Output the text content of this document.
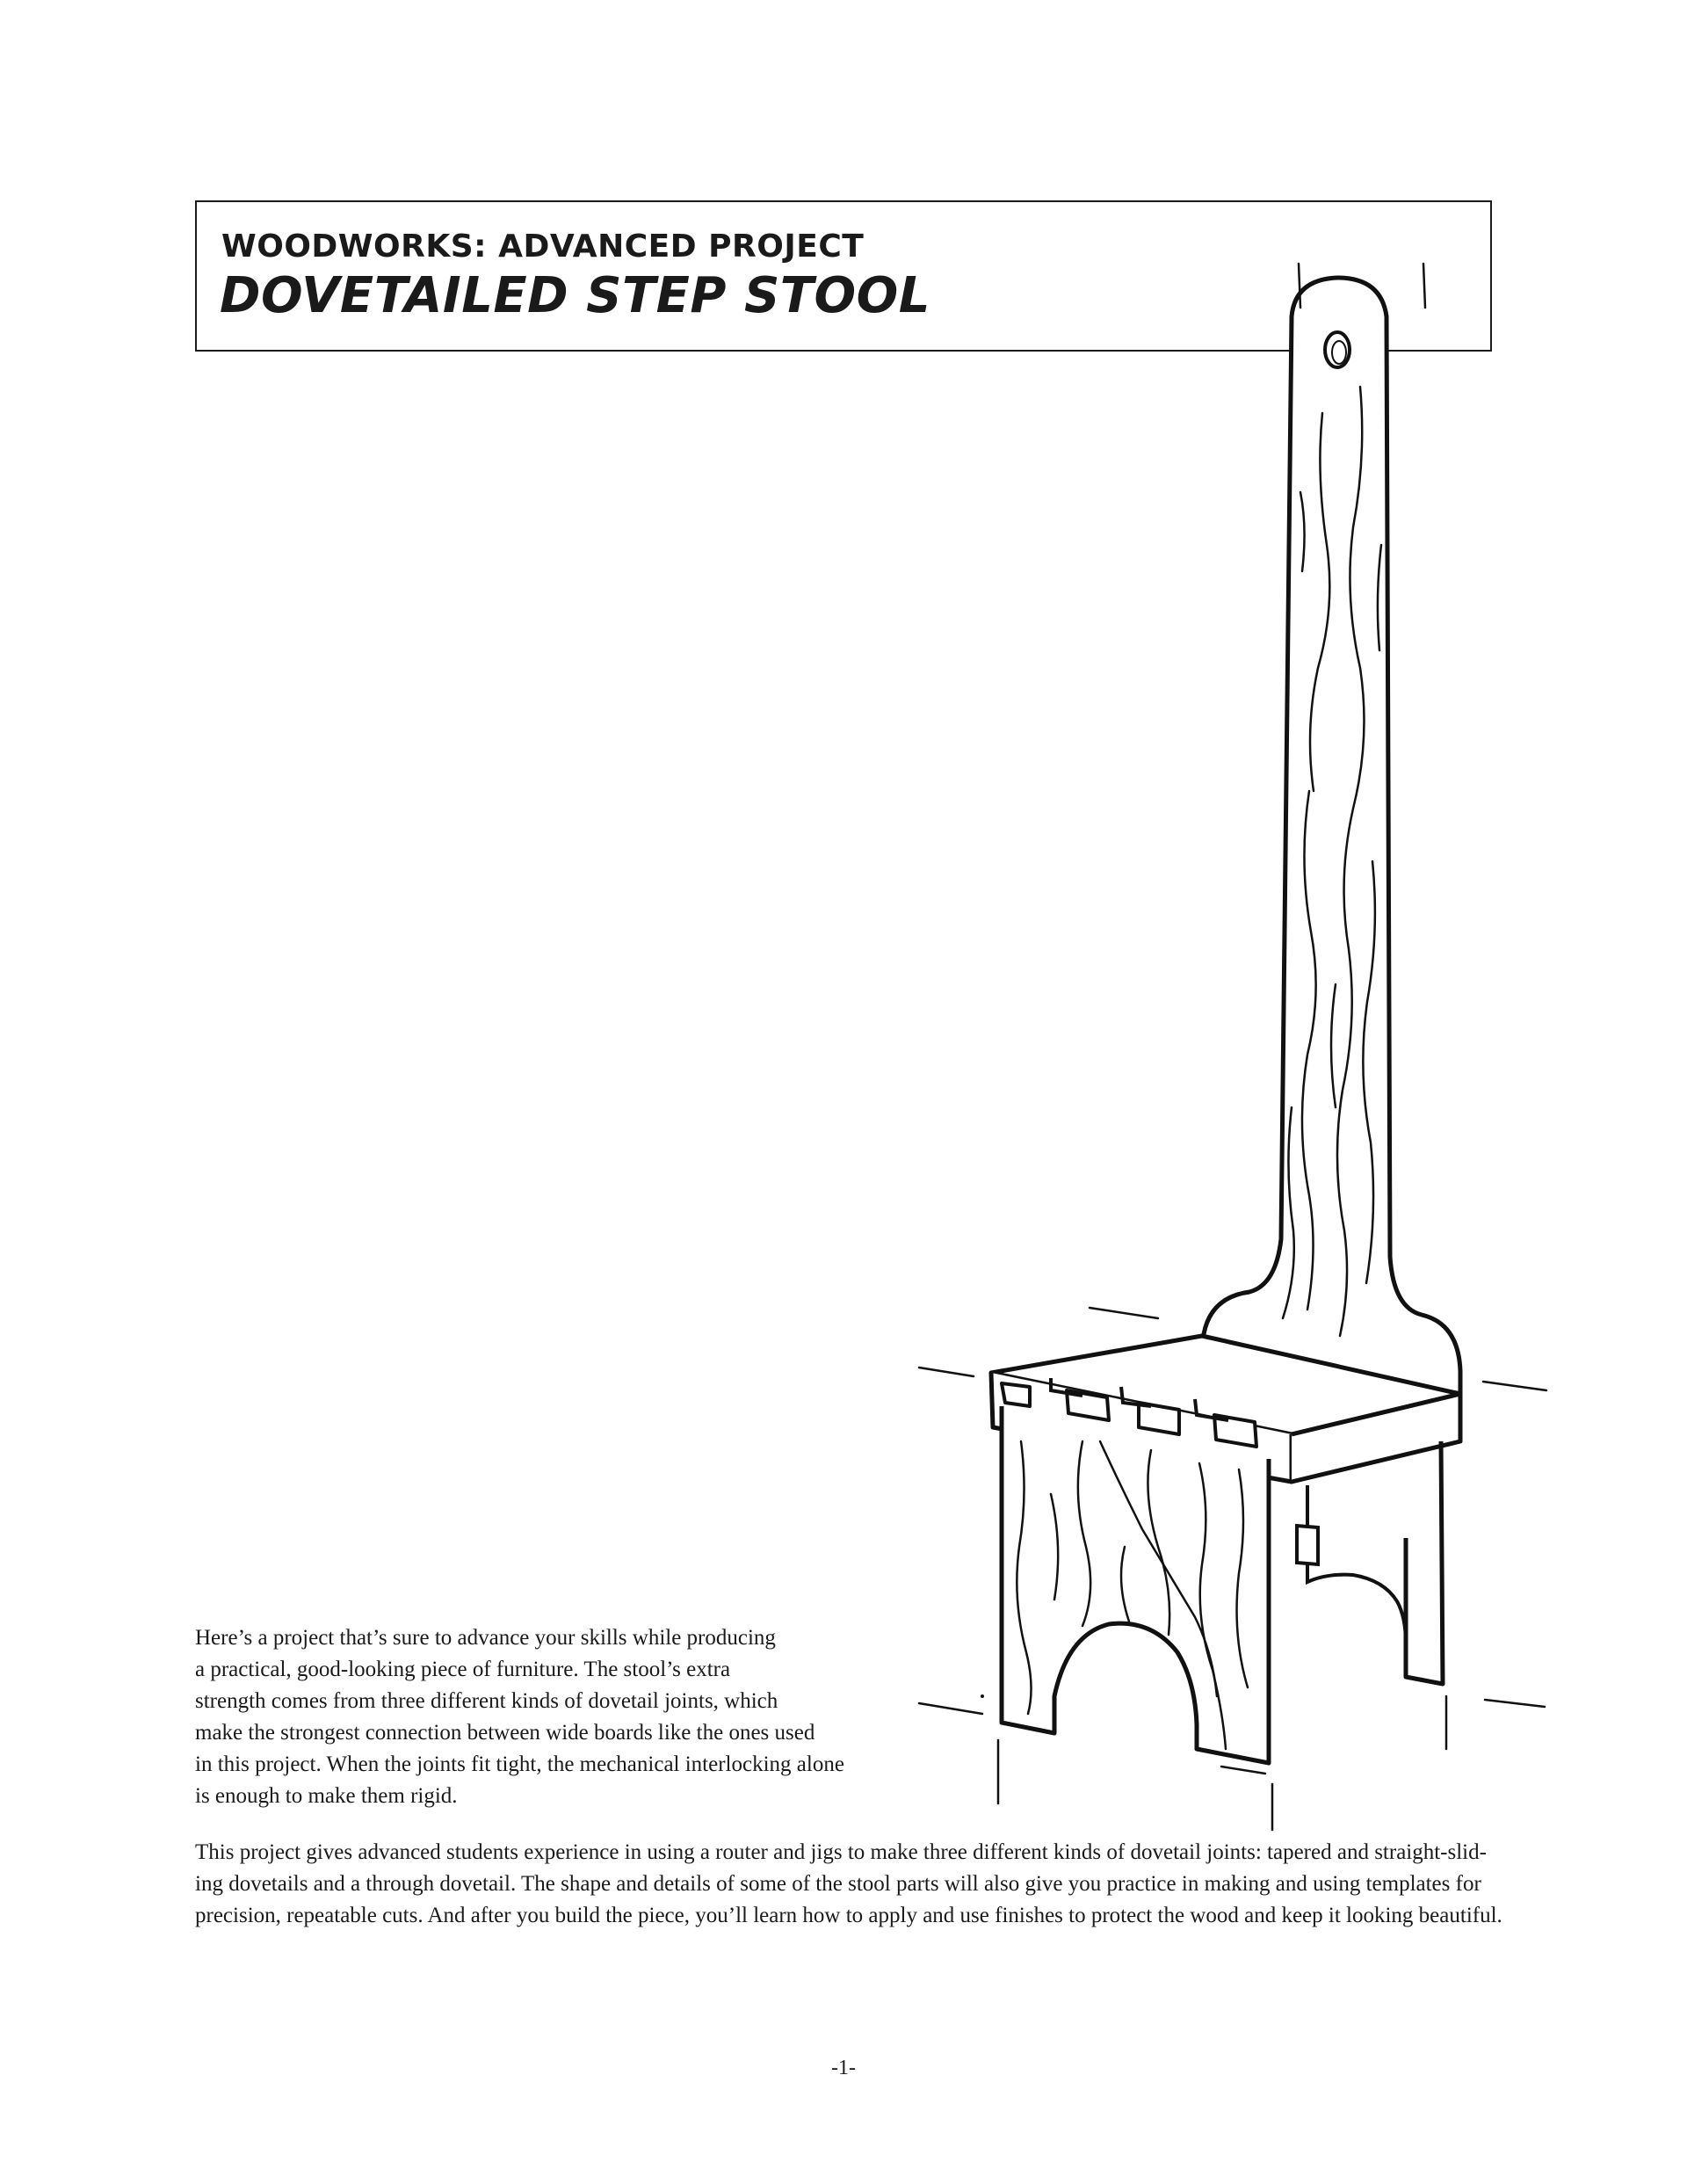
WOODWORKS: ADVANCED PROJECT
DOVETAILED STEP STOOL

Here’s a project that’s sure to advance your skills while producing
a practical, good-looking piece of furniture. The stool’s extra
strength comes from three different kinds of dovetail joints, which
make the strongest connection between wide boards like the ones used
in this project. When the joints fit tight, the mechanical interlocking alone
is enough to make them rigid.

This project gives advanced students experience in using a router and jigs to make three different kinds of dovetail joints: tapered and straight-slid-
ing dovetails and a through dovetail. The shape and details of some of the stool parts will also give you practice in making and using templates for
precision, repeatable cuts. And after you build the piece, you’ll learn how to apply and use finishes to protect the wood and keep it looking beautiful.

-1-
